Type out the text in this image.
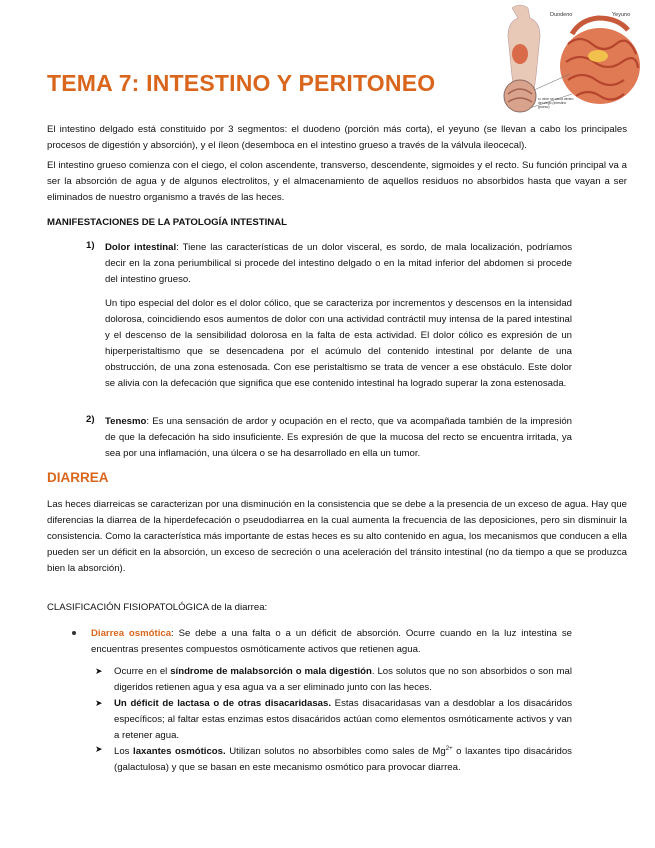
Duodeno	Yeyuno
El íleon se vacía dentro del ciego (intestino grueso)
TEMA 7: INTESTINO Y PERITONEO

El intestino delgado está constituido por 3 segmentos: el duodeno (porción más corta), el yeyuno (se llevan a cabo los principales procesos de digestión y absorción), y el íleon (desemboca en el intestino grueso a través de la válvula ileocecal).

El intestino grueso comienza con el ciego, el colon ascendente, transverso, descendente, sigmoides y el recto. Su función principal va a ser la absorción de agua y de algunos electrolitos, y el almacenamiento de aquellos residuos no absorbidos hasta que vayan a ser eliminados de nuestro organismo a través de las heces.

MANIFESTACIONES DE LA PATOLOGÍA INTESTINAL

1) Dolor intestinal: Tiene las características de un dolor visceral, es sordo, de mala localización, podríamos decir en la zona periumbilical si procede del intestino delgado o en la mitad inferior del abdomen si procede del intestino grueso.

Un tipo especial del dolor es el dolor cólico, que se caracteriza por incrementos y descensos en la intensidad dolorosa, coincidiendo esos aumentos de dolor con una actividad contráctil muy intensa de la pared intestinal y el descenso de la sensibilidad dolorosa en la falta de esta actividad. El dolor cólico es expresión de un hiperperistaltismo que se desencadena por el acúmulo del contenido intestinal por delante de una obstrucción, de una zona estenosada. Con ese peristaltismo se trata de vencer a ese obstáculo. Este dolor se alivia con la defecación que significa que ese contenido intestinal ha logrado superar la zona estenosada.

2) Tenesmo: Es una sensación de ardor y ocupación en el recto, que va acompañada también de la impresión de que la defecación ha sido insuficiente. Es expresión de que la mucosa del recto se encuentra irritada, ya sea por una inflamación, una úlcera o se ha desarrollado en ella un tumor.
DIARREA

Las heces diarreicas se caracterizan por una disminución en la consistencia que se debe a la presencia de un exceso de agua. Hay que diferencias la diarrea de la hiperdefecación o pseudodiarrea en la cual aumenta la frecuencia de las deposiciones, pero sin disminuir la consistencia. Como la característica más importante de estas heces es su alto contenido en agua, los mecanismos que conducen a ella pueden ser un déficit en la absorción, un exceso de secreción o una aceleración del tránsito intestinal (no da tiempo a que se produzca bien la absorción).

CLASIFICACIÓN FISIOPATOLÓGICA de la diarrea:

Diarrea osmótica: Se debe a una falta o a un déficit de absorción. Ocurre cuando en la luz intestina se encuentras presentes compuestos osmóticamente activos que retienen agua.
➤ Ocurre en el síndrome de malabsorción o mala digestión. Los solutos que no son absorbidos o son mal digeridos retienen agua y esa agua va a ser eliminado junto con las heces.
➤ Un déficit de lactasa o de otras disacaridasas. Estas disacaridasas van a desdoblar a los disacáridos específicos; al faltar estas enzimas estos disacáridos actúan como elementos osmóticamente activos y van a retener agua.
➤ Los laxantes osmóticos. Utilizan solutos no absorbibles como sales de $Mg^{2+}$ o laxantes tipo disacáridos (galactulosa) y que se basan en este mecanismo osmótico para provocar diarrea.
